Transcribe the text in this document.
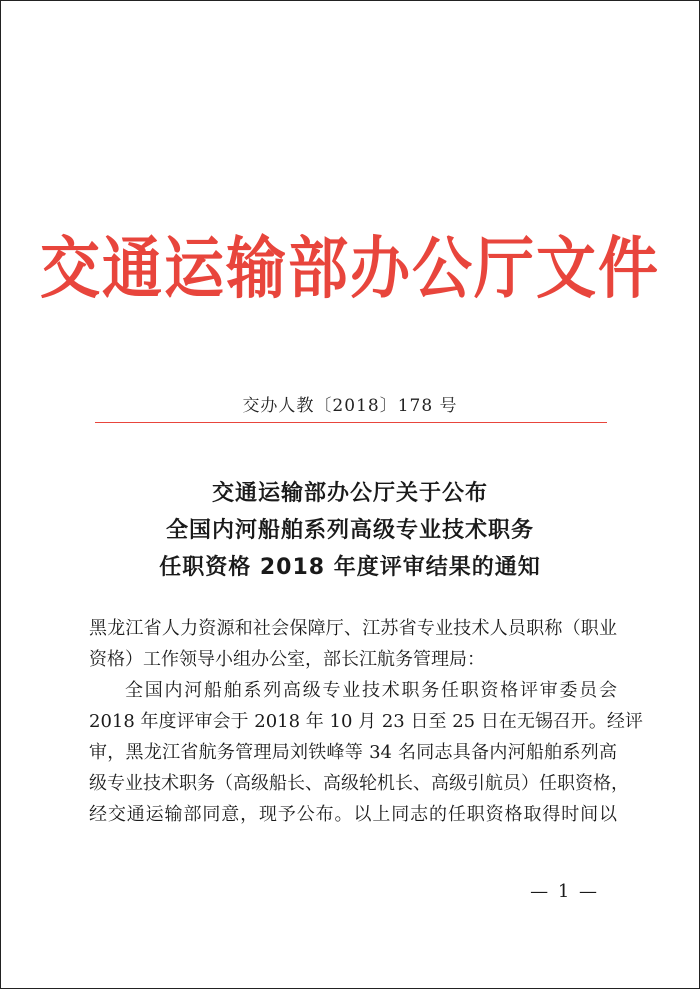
交通运输部办公厅文件
交办人教〔2018〕178 号
交通运输部办公厅关于公布
全国内河船舶系列高级专业技术职务
任职资格 2018 年度评审结果的通知

黑龙江省人力资源和社会保障厅、江苏省专业技术人员职称（职业

资格）工作领导小组办公室，部长江航务管理局：

全国内河船舶系列高级专业技术职务任职资格评审委员会

2018 年度评审会于 2018 年 10 月 23 日至 25 日在无锡召开。经评

审，黑龙江省航务管理局刘铁峰等 34 名同志具备内河船舶系列高

级专业技术职务（高级船长、高级轮机长、高级引航员）任职资格，

经交通运输部同意，现予公布。以上同志的任职资格取得时间以

— 1 —
